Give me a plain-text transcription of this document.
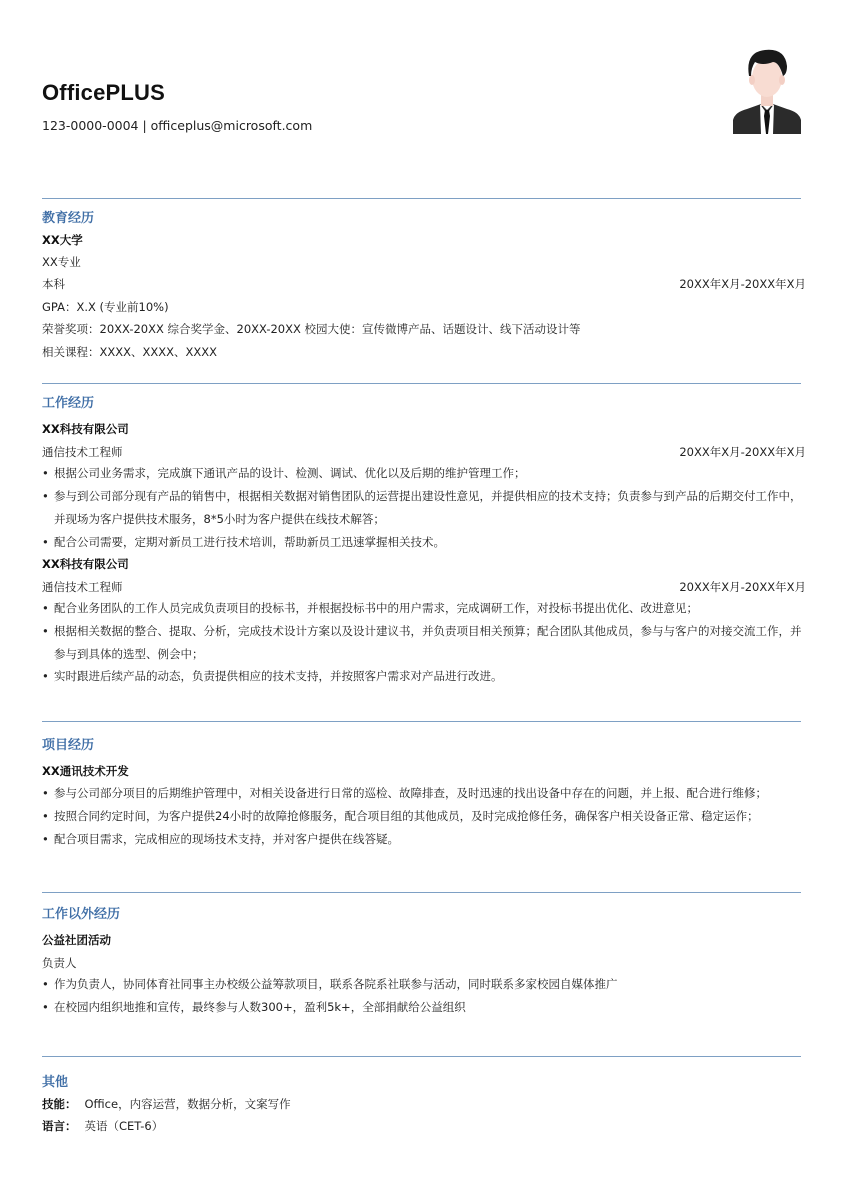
OfficePLUS
123-0000-0004 | officeplus@microsoft.com
教育经历
XX大学
XX专业
本科	20XX年X月-20XX年X月
GPA：X.X (专业前10%)
荣誉奖项：20XX-20XX 综合奖学金、20XX-20XX 校园大使：宣传微博产品、话题设计、线下活动设计等
相关课程：XXXX、XXXX、XXXX
工作经历
XX科技有限公司
通信技术工程师	20XX年X月-20XX年X月
• 根据公司业务需求，完成旗下通讯产品的设计、检测、调试、优化以及后期的维护管理工作；
• 参与到公司部分现有产品的销售中，根据相关数据对销售团队的运营提出建设性意见，并提供相应的技术支持；负责参与到产品的后期交付工作中，并现场为客户提供技术服务，8*5小时为客户提供在线技术解答；
• 配合公司需要，定期对新员工进行技术培训，帮助新员工迅速掌握相关技术。
XX科技有限公司
通信技术工程师	20XX年X月-20XX年X月
• 配合业务团队的工作人员完成负责项目的投标书，并根据投标书中的用户需求，完成调研工作，对投标书提出优化、改进意见；
• 根据相关数据的整合、提取、分析，完成技术设计方案以及设计建议书，并负责项目相关预算；配合团队其他成员，参与与客户的对接交流工作，并参与到具体的选型、例会中；
• 实时跟进后续产品的动态，负责提供相应的技术支持，并按照客户需求对产品进行改进。
项目经历
XX通讯技术开发
• 参与公司部分项目的后期维护管理中，对相关设备进行日常的巡检、故障排查，及时迅速的找出设备中存在的问题，并上报、配合进行维修；
• 按照合同约定时间，为客户提供24小时的故障抢修服务，配合项目组的其他成员，及时完成抢修任务，确保客户相关设备正常、稳定运作；
• 配合项目需求，完成相应的现场技术支持，并对客户提供在线答疑。
工作以外经历
公益社团活动
负责人
• 作为负责人，协同体育社同事主办校级公益筹款项目，联系各院系社联参与活动，同时联系多家校园自媒体推广
• 在校园内组织地推和宣传，最终参与人数300+，盈利5k+，全部捐献给公益组织
其他
技能： Office，内容运营，数据分析，文案写作
语言： 英语（CET-6）
